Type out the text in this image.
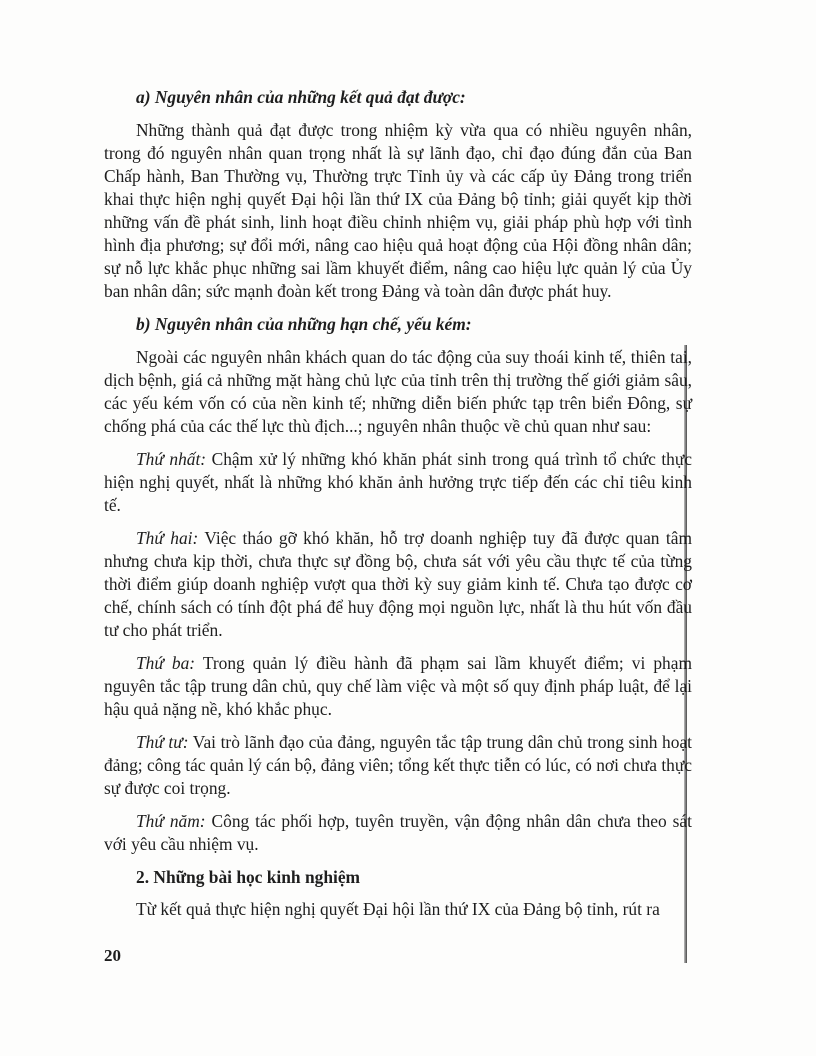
a) Nguyên nhân của những kết quả đạt được:

Những thành quả đạt được trong nhiệm kỳ vừa qua có nhiều nguyên nhân, trong đó nguyên nhân quan trọng nhất là sự lãnh đạo, chỉ đạo đúng đắn của Ban Chấp hành, Ban Thường vụ, Thường trực Tỉnh ủy và các cấp ủy Đảng trong triển khai thực hiện nghị quyết Đại hội lần thứ IX của Đảng bộ tỉnh; giải quyết kịp thời những vấn đề phát sinh, linh hoạt điều chỉnh nhiệm vụ, giải pháp phù hợp với tình hình địa phương; sự đổi mới, nâng cao hiệu quả hoạt động của Hội đồng nhân dân; sự nỗ lực khắc phục những sai lầm khuyết điểm, nâng cao hiệu lực quản lý của Ủy ban nhân dân; sức mạnh đoàn kết trong Đảng và toàn dân được phát huy.

b) Nguyên nhân của những hạn chế, yếu kém:

Ngoài các nguyên nhân khách quan do tác động của suy thoái kinh tế, thiên tai, dịch bệnh, giá cả những mặt hàng chủ lực của tỉnh trên thị trường thế giới giảm sâu, các yếu kém vốn có của nền kinh tế; những diễn biến phức tạp trên biển Đông, sự chống phá của các thế lực thù địch...; nguyên nhân thuộc về chủ quan như sau:

Thứ nhất: Chậm xử lý những khó khăn phát sinh trong quá trình tổ chức thực hiện nghị quyết, nhất là những khó khăn ảnh hưởng trực tiếp đến các chỉ tiêu kinh tế.

Thứ hai: Việc tháo gỡ khó khăn, hỗ trợ doanh nghiệp tuy đã được quan tâm nhưng chưa kịp thời, chưa thực sự đồng bộ, chưa sát với yêu cầu thực tế của từng thời điểm giúp doanh nghiệp vượt qua thời kỳ suy giảm kinh tế. Chưa tạo được cơ chế, chính sách có tính đột phá để huy động mọi nguồn lực, nhất là thu hút vốn đầu tư cho phát triển.

Thứ ba: Trong quản lý điều hành đã phạm sai lầm khuyết điểm; vi phạm nguyên tắc tập trung dân chủ, quy chế làm việc và một số quy định pháp luật, để lại hậu quả nặng nề, khó khắc phục.

Thứ tư: Vai trò lãnh đạo của đảng, nguyên tắc tập trung dân chủ trong sinh hoạt đảng; công tác quản lý cán bộ, đảng viên; tổng kết thực tiễn có lúc, có nơi chưa thực sự được coi trọng.

Thứ năm: Công tác phối hợp, tuyên truyền, vận động nhân dân chưa theo sát với yêu cầu nhiệm vụ.

2. Những bài học kinh nghiệm

Từ kết quả thực hiện nghị quyết Đại hội lần thứ IX của Đảng bộ tỉnh, rút ra

20
